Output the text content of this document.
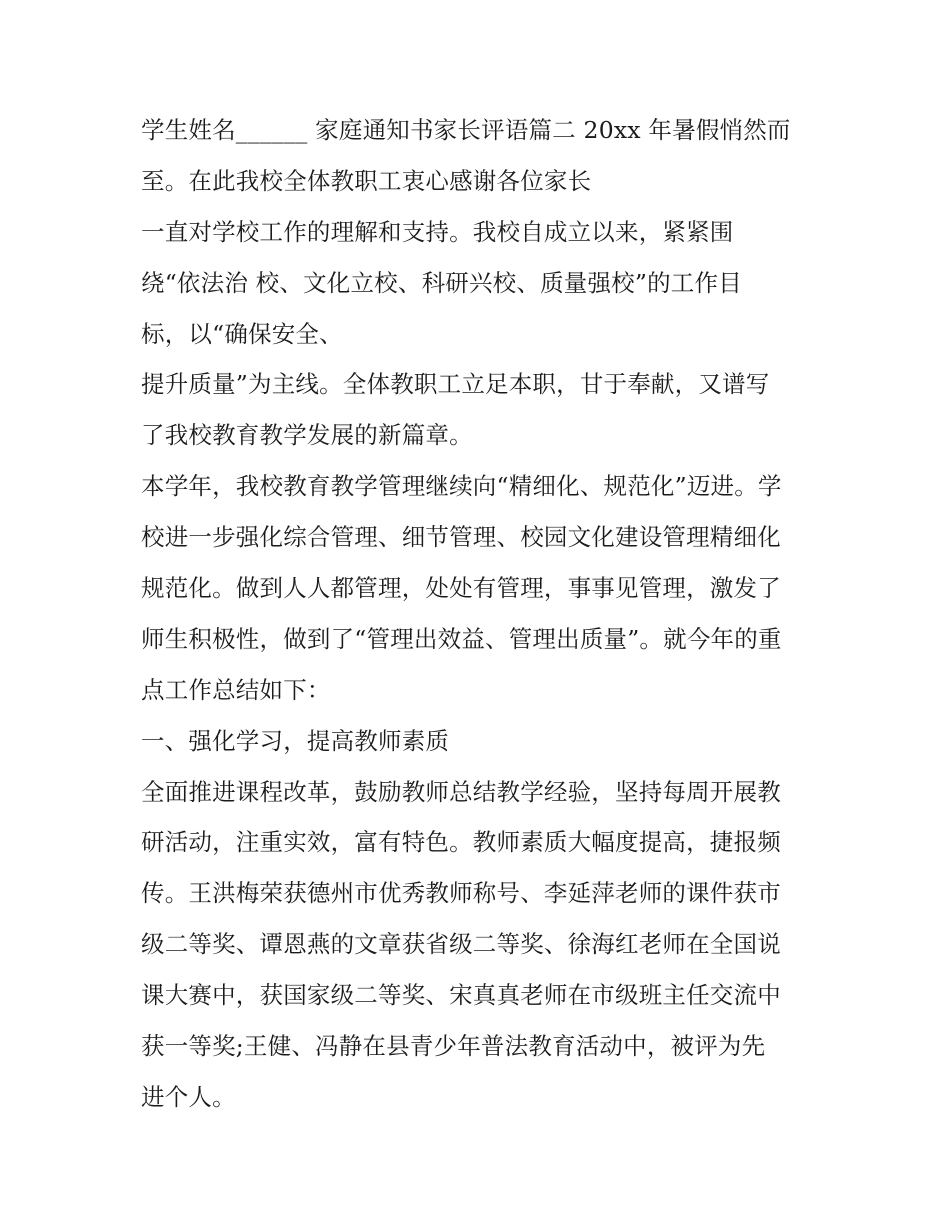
学生姓名______ 家庭通知书家长评语篇二 20xx 年暑假悄然而
至。在此我校全体教职工衷心感谢各位家长
一直对学校工作的理解和支持。我校自成立以来，紧紧围
绕“依法治 校、文化立校、科研兴校、质量强校”的工作目
标，以“确保安全、
提升质量”为主线。全体教职工立足本职，甘于奉献，又谱写
了我校教育教学发展的新篇章。
本学年，我校教育教学管理继续向“精细化、规范化”迈进。学
校进一步强化综合管理、细节管理、校园文化建设管理精细化
规范化。做到人人都管理，处处有管理，事事见管理，激发了
师生积极性，做到了“管理出效益、管理出质量”。就今年的重
点工作总结如下：
一、强化学习，提高教师素质
全面推进课程改革，鼓励教师总结教学经验，坚持每周开展教
研活动，注重实效，富有特色。教师素质大幅度提高，捷报频
传。王洪梅荣获德州市优秀教师称号、李延萍老师的课件获市
级二等奖、谭恩燕的文章获省级二等奖、徐海红老师在全国说
课大赛中，获国家级二等奖、宋真真老师在市级班主任交流中
获一等奖;王健、冯静在县青少年普法教育活动中，被评为先
进个人。
